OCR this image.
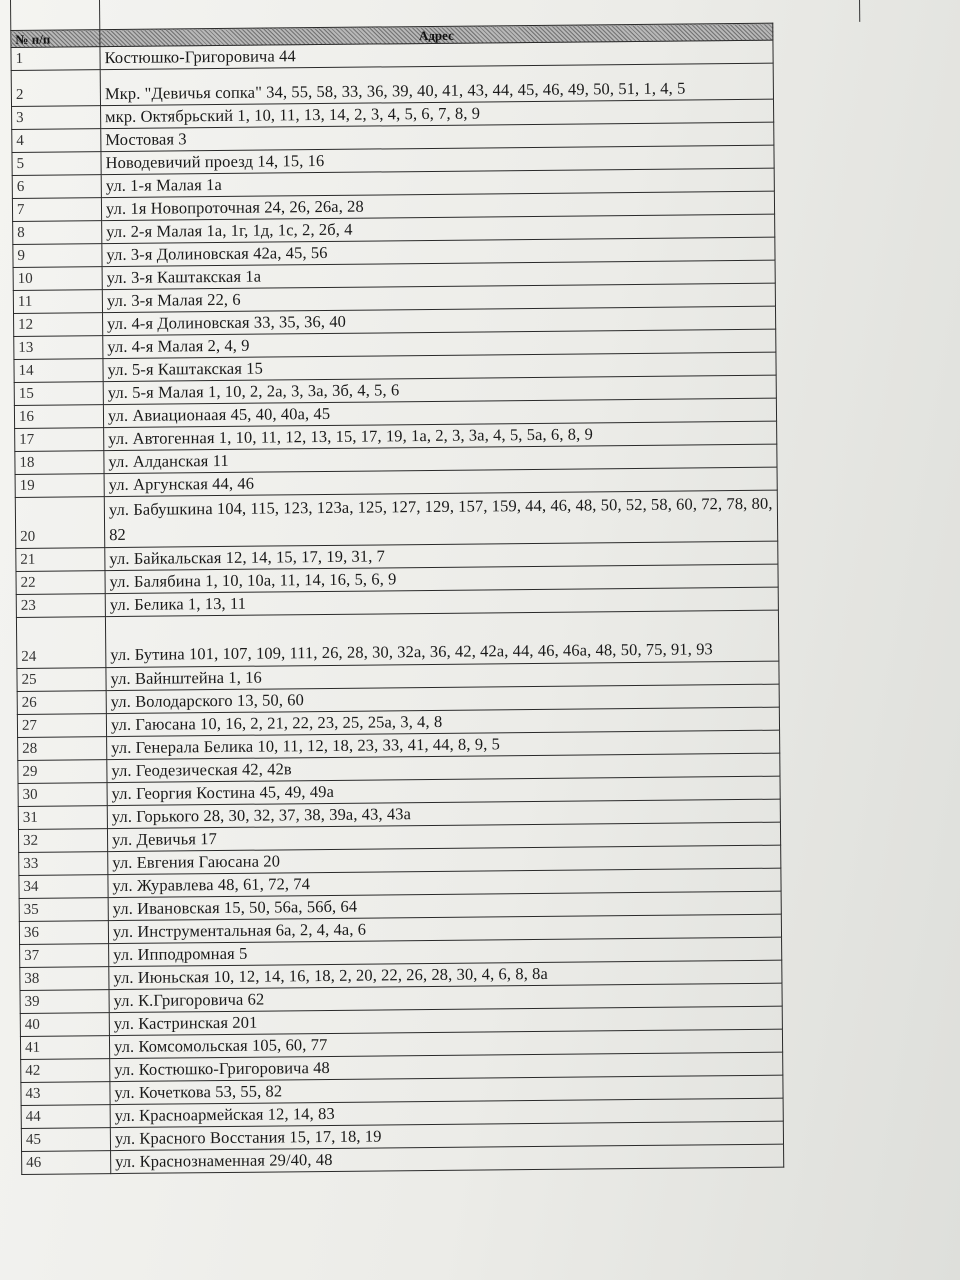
№ п/п	Адрес
1	Костюшко-Григоровича 44
2	Мкр. "Девичья сопка" 34, 55, 58, 33, 36, 39, 40, 41, 43, 44, 45, 46, 49, 50, 51, 1, 4, 5
3	мкр. Октябрьский 1, 10, 11, 13, 14, 2, 3, 4, 5, 6, 7, 8, 9
4	Мостовая 3
5	Новодевичий проезд 14, 15, 16
6	ул. 1-я Малая 1а
7	ул. 1я Новопроточная 24, 26, 26а, 28
8	ул. 2-я Малая 1а, 1г, 1д, 1с, 2, 2б, 4
9	ул. 3-я Долиновская 42а, 45, 56
10	ул. 3-я Каштакская 1а
11	ул. 3-я Малая 22, 6
12	ул. 4-я Долиновская 33, 35, 36, 40
13	ул. 4-я Малая 2, 4, 9
14	ул. 5-я Каштакская 15
15	ул. 5-я Малая 1, 10, 2, 2а, 3, 3а, 3б, 4, 5, 6
16	ул. Авиационаая 45, 40, 40а, 45
17	ул. Автогенная 1, 10, 11, 12, 13, 15, 17, 19, 1а, 2, 3, 3а, 4, 5, 5а, 6, 8, 9
18	ул. Алданская 11
19	ул. Аргунская 44, 46
20	ул. Бабушкина 104, 115, 123, 123а, 125, 127, 129, 157, 159, 44, 46, 48, 50, 52, 58, 60, 72, 78, 80, 82
21	ул. Байкальская 12, 14, 15, 17, 19, 31, 7
22	ул. Балябина 1, 10, 10а, 11, 14, 16, 5, 6, 9
23	ул. Белика 1, 13, 11
24	ул. Бутина 101, 107, 109, 111, 26, 28, 30, 32а, 36, 42, 42а, 44, 46, 46а, 48, 50, 75, 91, 93
25	ул. Вайнштейна 1, 16
26	ул. Володарского 13, 50, 60
27	ул. Гаюсана 10, 16, 2, 21, 22, 23, 25, 25а, 3, 4, 8
28	ул. Генерала Белика 10, 11, 12, 18, 23, 33, 41, 44, 8, 9, 5
29	ул. Геодезическая 42, 42в
30	ул. Георгия Костина 45, 49, 49а
31	ул. Горького 28, 30, 32, 37, 38, 39а, 43, 43а
32	ул. Девичья 17
33	ул. Евгения Гаюсана 20
34	ул. Журавлева 48, 61, 72, 74
35	ул. Ивановская 15, 50, 56а, 56б, 64
36	ул. Инструментальная 6а, 2, 4, 4а, 6
37	ул. Ипподромная 5
38	ул. Июньская 10, 12, 14, 16, 18, 2, 20, 22, 26, 28, 30, 4, 6, 8, 8а
39	ул. К.Григоровича 62
40	ул. Кастринская 201
41	ул. Комсомольская 105, 60, 77
42	ул. Костюшко-Григоровича 48
43	ул. Кочеткова 53, 55, 82
44	ул. Красноармейская 12, 14, 83
45	ул. Красного Восстания 15, 17, 18, 19
46	ул. Краснознаменная 29/40, 48
